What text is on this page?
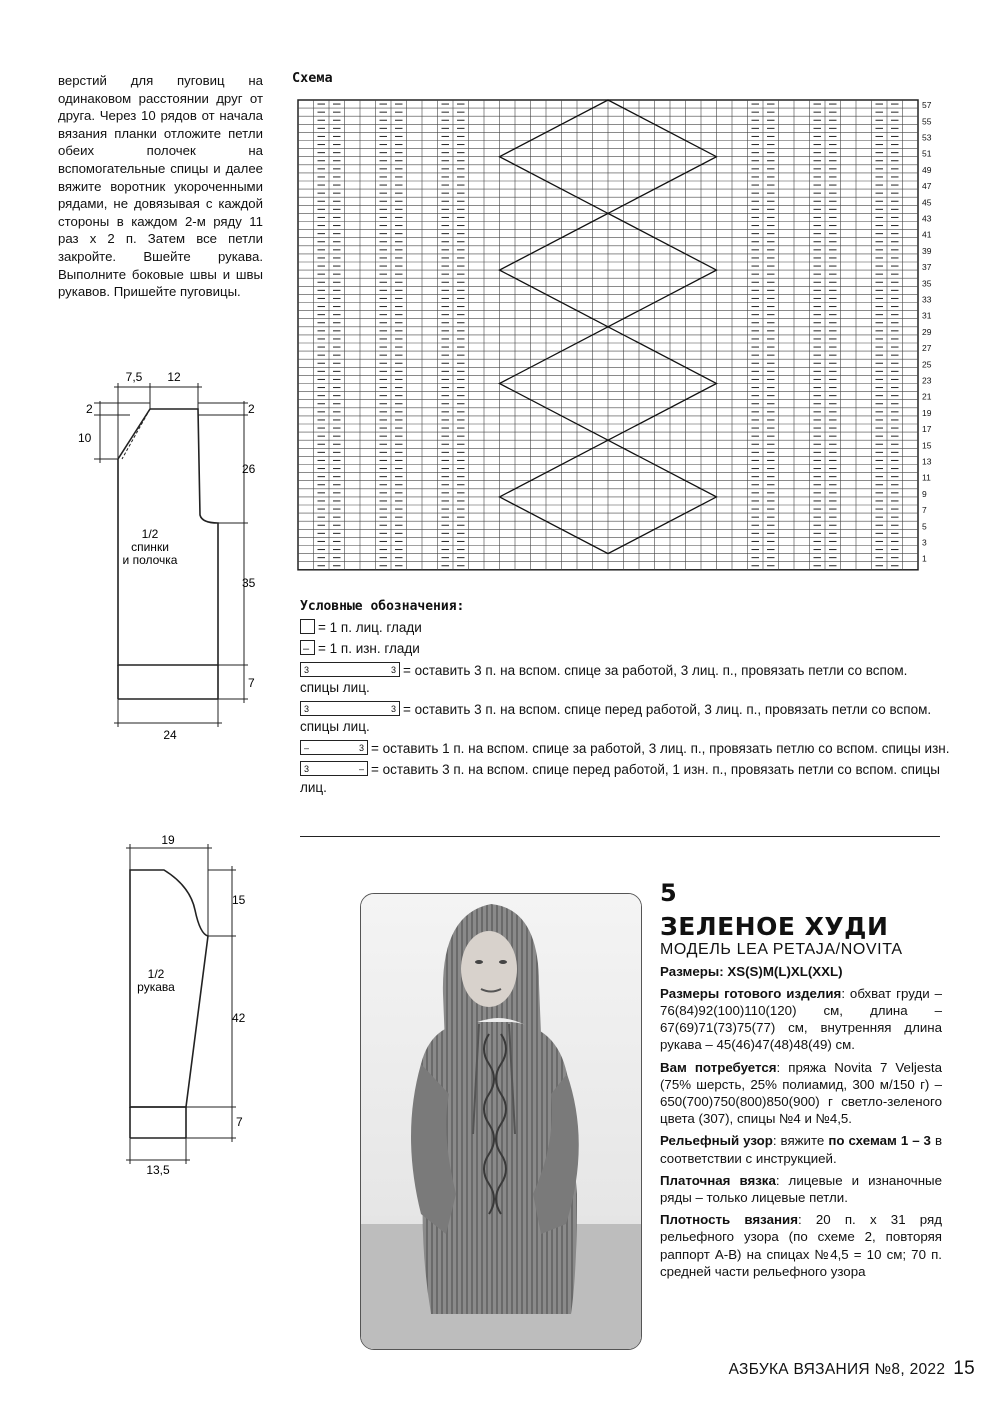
верстий для пуговиц на одинаковом расстоянии друг от друга. Через 10 рядов от начала вязания планки отложите петли обеих полочек на вспомогательные спицы и далее вяжите воротник укороченными рядами, не довязывая с каждой стороны в каждом 2-м ряду 11 раз х 2 п. Затем все петли закройте. Вшейте рукава. Выполните боковые швы и швы рукавов. Пришейте пуговицы.
7,5 12
2	2
10
26
35
7
24
1/2
спинки
и полочка
19
15
42
7
13,5
1/2
рукава
Схема
57
55
53
51
49
47
45
43
41
39
37
35
33
31
29
27
25
23
21
19
17
15
13
11
9
7
5
3
1
Условные обозначения:
= 1 п. лиц. глади
– = 1 п. изн. глади
3	3 = оставить 3 п. на вспом. спице за работой, 3 лиц. п., провязать петли со вспом. спицы лиц.
3	3 = оставить 3 п. на вспом. спице перед работой, 3 лиц. п., провязать петли со вспом. спицы лиц.
–	3 = оставить 1 п. на вспом. спице за работой, 3 лиц. п., провязать петлю со вспом. спицы изн.
3	– = оставить 3 п. на вспом. спице перед работой, 1 изн. п., провязать петли со вспом. спицы лиц.
5
ЗЕЛЕНОЕ ХУДИ
МОДЕЛЬ LEA PETAJA/NOVITA

Размеры: XS(S)M(L)XL(XXL)

Размеры готового изделия: обхват груди – 76(84)92(100)110(120) см, длина – 67(69)71(73)75(77) см, внутренняя длина рукава – 45(46)47(48)48(49) см.

Вам потребуется: пряжа Novita 7 Veljesta (75% шерсть, 25% полиамид, 300 м/150 г) – 650(700)750(800)850(900) г светло-зеленого цвета (307), спицы №4 и №4,5.

Рельефный узор: вяжите по схемам 1 – 3 в соответствии с инструкцией.

Платочная вязка: лицевые и изнаночные ряды – только лицевые петли.

Плотность вязания: 20 п. х 31 ряд рельефного узора (по схеме 2, повторяя раппорт А-В) на спицах №4,5 = 10 см; 70 п. средней части рельефного узора

АЗБУКА ВЯЗАНИЯ №8, 2022 15
